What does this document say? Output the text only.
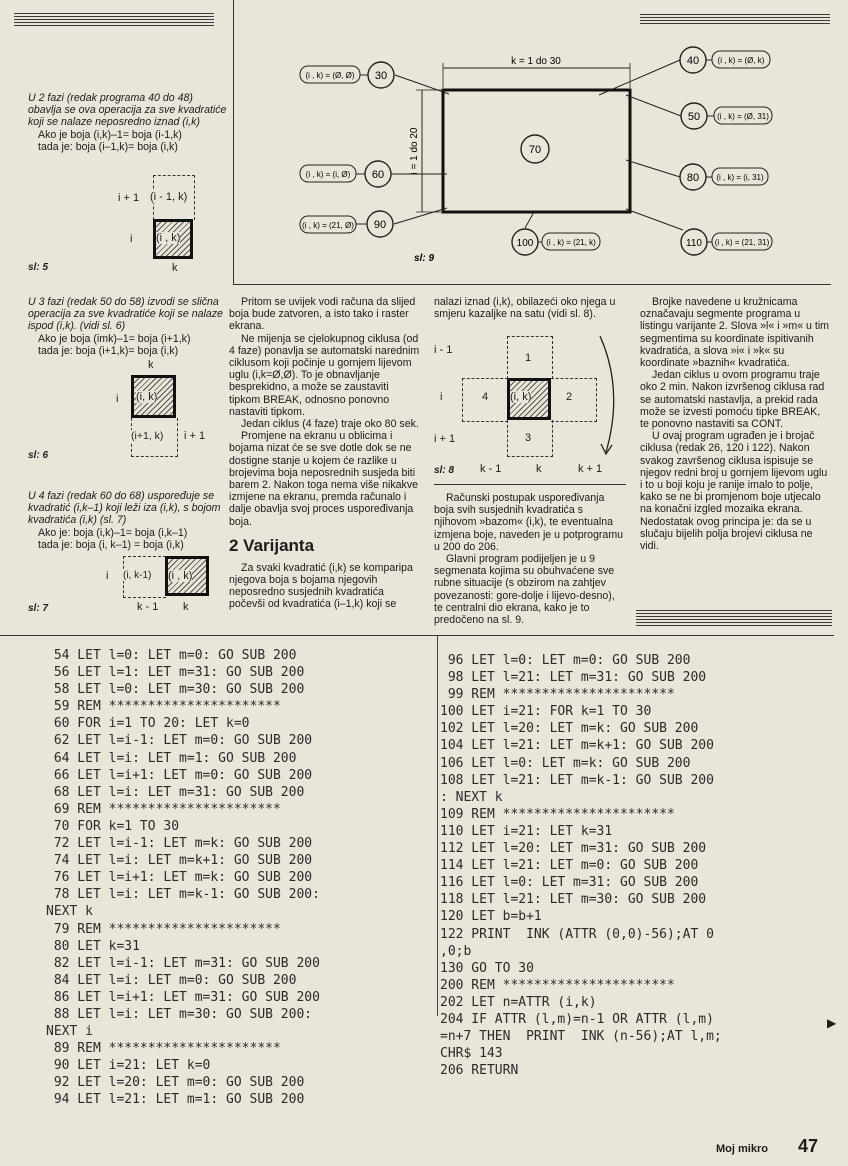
U 2 fazi (redak programa 40 do 48) obavlja se ova operacija za sve kvadratiće koji se nalaze neposredno iznad (i,k)

Ako je boja (i,k)–1= boja (i-1,k)

tada je: boja (i–1,k)= boja (i,k)

i + 1
i
(i - 1, k)
(i , k)
k
sl: 5
k = 1 do 30
i = 1 do 20
(i , k) = (Ø, Ø) 30
40 (i , k) = (Ø, k)
50 (i , k) = (Ø, 31)
(i , k) = (i, Ø) 60
70
80 (i , k) = (i, 31)
(i , k) = (21, Ø) 90
100 (i , k) = (21, k)	110 (i , k) = (21, 31)
sl: 9

U 3 fazi (redak 50 do 58) izvodi se slična operacija za sve kvadratiće koji se nalaze ispod (i,k). (vidi sl. 6)

Ako je boja (imk)–1= boja (i+1,k)

tada je: boja (i+1,k)= boja (i,k)

k
i (i, k)
(i+1, k) i + 1
sl: 6

U 4 fazi (redak 60 do 68) uspoređuje se kvadratić (i,k–1) koji leži iza (i,k), s bojom kvadratića (i,k) (sl. 7)

Ako je: boja (i,k)–1= boja (i,k–1)

tada je: boja (i, k–1) = boja (i,k)

i (i, k-1) (i , k)
k - 1 k
sl: 7

Pritom se uvijek vodi računa da slijed boja bude zatvoren, a isto tako i raster ekrana.

Ne mijenja se cjelokupnog ciklusa (od 4 faze) ponavlja se automatski narednim ciklusom koji počinje u gornjem lijevom uglu (i,k=Ø,Ø). To je obnavljanje besprekidno, a može se zaustaviti tipkom BREAK, odnosno ponovno nastaviti tipkom.

Jedan ciklus (4 faze) traje oko 80 sek.

Promjene na ekranu u oblicima i bojama nizat će se sve dotle dok se ne dostigne stanje u kojem će razlike u brojevima boja neposrednih susjeda biti barem 2. Nakon toga nema više nikakve izmjene na ekranu, premda računalo i dalje obavlja svoj proces uspoređivanja boja.

2 Varijanta

Za svaki kvadratić (i,k) se kompariра njegova boja s bojama njegovih neposredno susjednih kvadratića počevši od kvadratića (i–1,k) koji se

nalazi iznad (i,k), obilazeći oko njega u smjeru kazaljke na satu (vidi sl. 8).
i - 1
i
i + 1
1
4 (i, k)	2
3
sl: 8 k - 1	k	k + 1

Računski postupak uspoređivanja boja svih susjednih kvadratića s njihovom »bazom« (i,k), te eventualna izmjena boje, naveden je u potprogramu u 200 do 206.

Glavni program podijeljen je u 9 segmenata kojima su obuhvaćene sve rubne situacije (s obzirom na zahtjev povezanosti: gore-dolje i lijevo-desno), te centralni dio ekrana, kako je to predočeno na sl. 9.

Brojke navedene u kružnicama označavaju segmente programa u listingu varijante 2. Slova »l« i »m« u tim segmentima su koordinate ispitivanih kvadratića, a slova »i« i »k« su koordinate »baznih« kvadratića.

Jedan ciklus u ovom programu traje oko 2 min. Nakon izvršenog ciklusa rad se automatski nastavlja, a prekid rada može se izvesti pomoću tipke BREAK, te ponovno nastaviti sa CONT.

U ovaj program ugrađen je i brojač ciklusa (redak 26, 120 i 122). Nakon svakog završenog ciklusa ispisuje se njegov redni broj u gornjem lijevom uglu i to u boji koju je ranije imalo to polje, kako se ne bi promjenom boje utjecalo na konačni izgled mozaika ekrana. Nedostatak ovog principa je: da se u slučaju bijelih polja brojevi ciklusa ne vidi.

54 LET l=0: LET m=0: GO SUB 200
56 LET l=1: LET m=31: GO SUB 200
58 LET l=0: LET m=30: GO SUB 200
59 REM **********************
60 FOR i=1 TO 20: LET k=0
62 LET l=i-1: LET m=0: GO SUB 200
64 LET l=i: LET m=1: GO SUB 200
66 LET l=i+1: LET m=0: GO SUB 200
68 LET l=i: LET m=31: GO SUB 200
69 REM **********************
70 FOR k=1 TO 30
72 LET l=i-1: LET m=k: GO SUB 200
74 LET l=i: LET m=k+1: GO SUB 200
76 LET l=i+1: LET m=k: GO SUB 200
78 LET l=i: LET m=k-1: GO SUB 200:
NEXT k
79 REM **********************
80 LET k=31
82 LET l=i-1: LET m=31: GO SUB 200
84 LET l=i: LET m=0: GO SUB 200
86 LET l=i+1: LET m=31: GO SUB 200
88 LET l=i: LET m=30: GO SUB 200:
NEXT i
89 REM **********************
90 LET i=21: LET k=0
92 LET l=20: LET m=0: GO SUB 200
94 LET l=21: LET m=1: GO SUB 200
96 LET l=0: LET m=0: GO SUB 200
98 LET l=21: LET m=31: GO SUB 200
99 REM **********************
100 LET i=21: FOR k=1 TO 30
102 LET l=20: LET m=k: GO SUB 200
104 LET l=21: LET m=k+1: GO SUB 200
106 LET l=0: LET m=k: GO SUB 200
108 LET l=21: LET m=k-1: GO SUB 200
: NEXT k
109 REM **********************
110 LET i=21: LET k=31
112 LET l=20: LET m=31: GO SUB 200
114 LET l=21: LET m=0: GO SUB 200
116 LET l=0: LET m=31: GO SUB 200
118 LET l=21: LET m=30: GO SUB 200
120 LET b=b+1
122 PRINT  INK (ATTR (0,0)-56);AT 0
,0;b
130 GO TO 30
200 REM **********************
202 LET n=ATTR (i,k)
204 IF ATTR (l,m)=n-1 OR ATTR (l,m)
=n+7 THEN  PRINT  INK (n-56);AT l,m;
CHR$ 143
206 RETURN
Moj mikro 47
▶
